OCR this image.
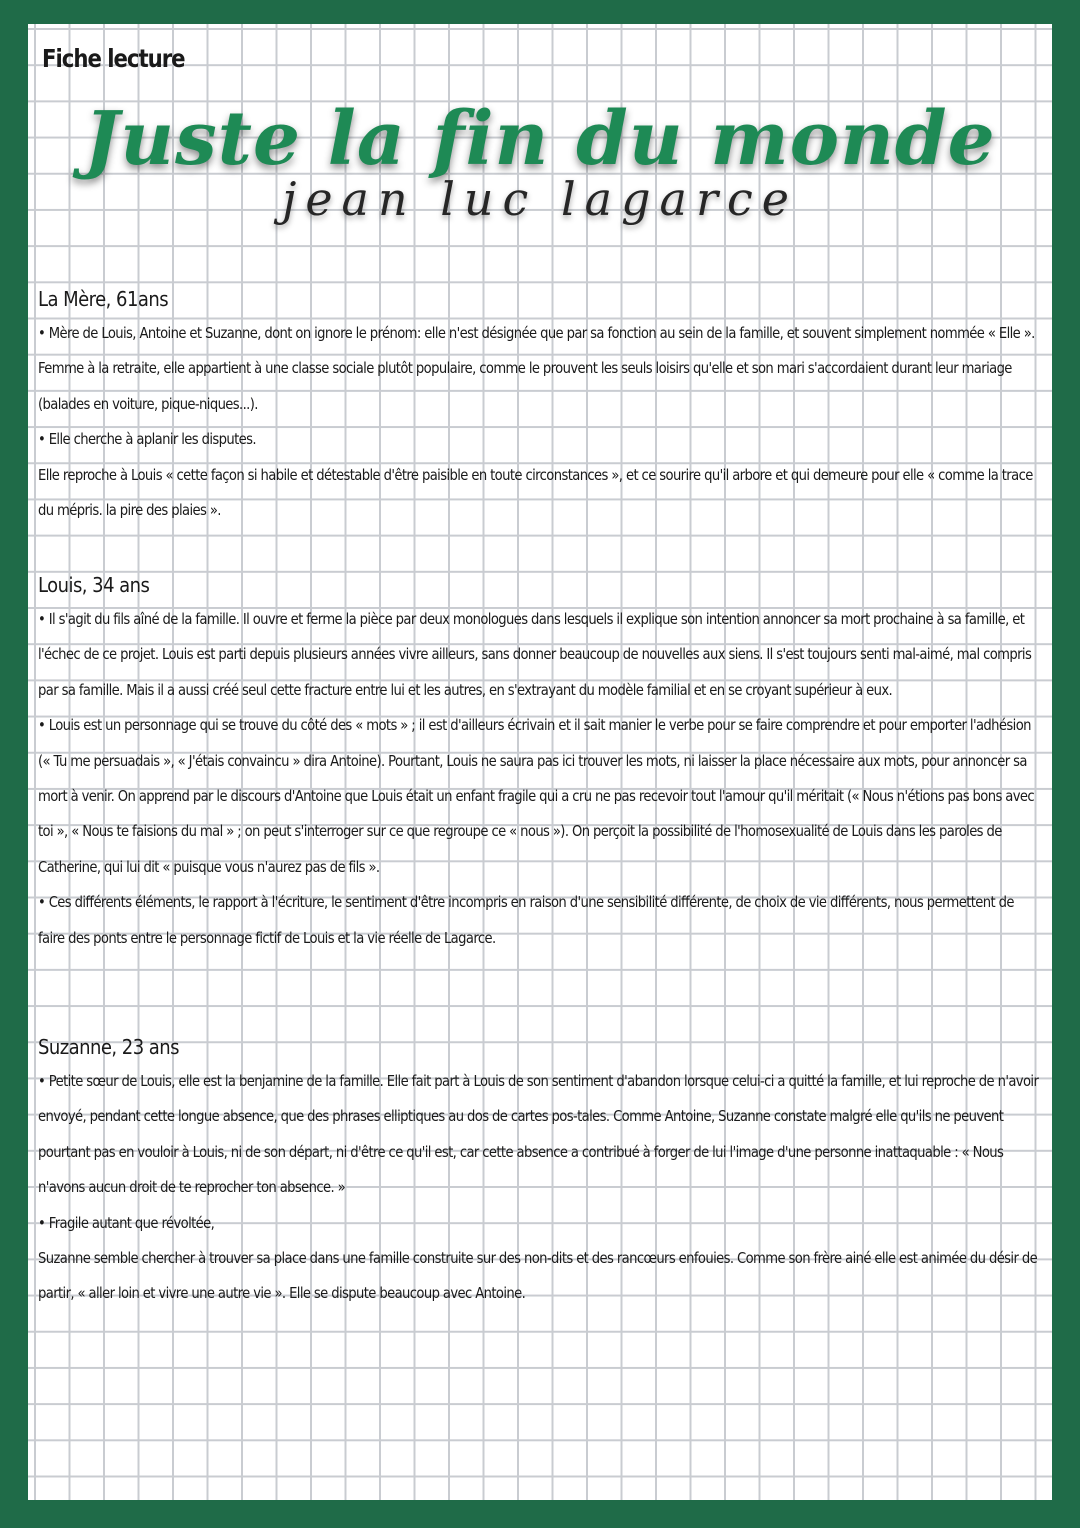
Fiche lecture
Juste la fin du monde
jean luc lagarce
La Mère, 61ans
• Mère de Louis, Antoine et Suzanne, dont on ignore le prénom: elle n'est désignée que par sa fonction au sein de la famille, et souvent simplement nommée « Elle ». Femme à la retraite, elle appartient à une classe sociale plutôt populaire, comme le prouvent les seuls loisirs qu'elle et son mari s'accordaient durant leur mariage (balades en voiture, pique-niques...).
• Elle cherche à aplanir les disputes.
Elle reproche à Louis « cette façon si habile et détestable d'être paisible en toute circonstances », et ce sourire qu'il arbore et qui demeure pour elle « comme la trace du mépris. la pire des plaies ».
Louis, 34 ans
• Il s'agit du fils aîné de la famille. Il ouvre et ferme la pièce par deux monologues dans lesquels il explique son intention annoncer sa mort prochaine à sa famille, et l'échec de ce projet. Louis est parti depuis plusieurs années vivre ailleurs, sans donner beaucoup de nouvelles aux siens. Il s'est toujours senti mal-aimé, mal compris par sa famille. Mais il a aussi créé seul cette fracture entre lui et les autres, en s'extrayant du modèle familial et en se croyant supérieur à eux.
• Louis est un personnage qui se trouve du côté des « mots » ; il est d'ailleurs écrivain et il sait manier le verbe pour se faire comprendre et pour emporter l'adhésion (« Tu me persuadais », « J'étais convaincu » dira Antoine). Pourtant, Louis ne saura pas ici trouver les mots, ni laisser la place nécessaire aux mots, pour annoncer sa mort à venir. On apprend par le discours d'Antoine que Louis était un enfant fragile qui a cru ne pas recevoir tout l'amour qu'il méritait (« Nous n'étions pas bons avec toi », « Nous te faisions du mal » ; on peut s'interroger sur ce que regroupe ce « nous »). On perçoit la possibilité de l'homosexualité de Louis dans les paroles de Catherine, qui lui dit « puisque vous n'aurez pas de fils ».
• Ces différents éléments, le rapport à l'écriture, le sentiment d'être incompris en raison d'une sensibilité différente, de choix de vie différents, nous permettent de faire des ponts entre le personnage fictif de Louis et la vie réelle de Lagarce.
Suzanne, 23 ans
• Petite sœur de Louis, elle est la benjamine de la famille. Elle fait part à Louis de son sentiment d'abandon lorsque celui-ci a quitté la famille, et lui reproche de n'avoir envoyé, pendant cette longue absence, que des phrases elliptiques au dos de cartes pos-tales. Comme Antoine, Suzanne constate malgré elle qu'ils ne peuvent pourtant pas en vouloir à Louis, ni de son départ, ni d'être ce qu'il est, car cette absence a contribué à forger de lui l'image d'une personne inattaquable : « Nous n'avons aucun droit de te reprocher ton absence. »
• Fragile autant que révoltée,
Suzanne semble chercher à trouver sa place dans une famille construite sur des non-dits et des rancœurs enfouies. Comme son frère ainé elle est animée du désir de partir, « aller loin et vivre une autre vie ». Elle se dispute beaucoup avec Antoine.
